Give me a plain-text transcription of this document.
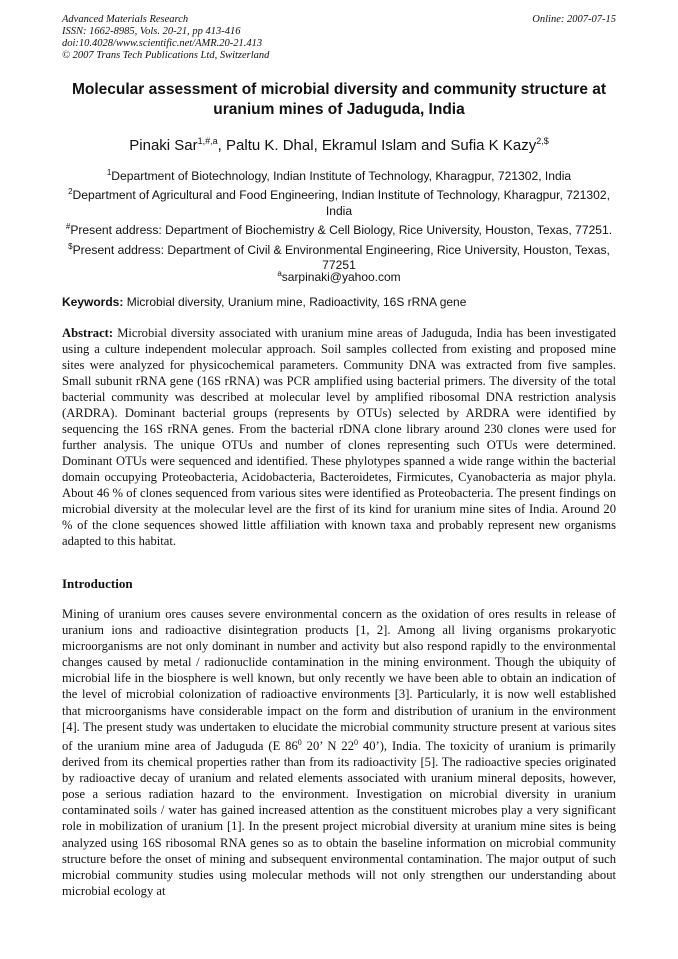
Advanced Materials Research
ISSN: 1662-8985, Vols. 20-21, pp 413-416
doi:10.4028/www.scientific.net/AMR.20-21.413
© 2007 Trans Tech Publications Ltd, Switzerland
Online: 2007-07-15
Molecular assessment of microbial diversity and community structure at uranium mines of Jaduguda, India
Pinaki Sar$^{1,\#,a}$, Paltu K. Dhal, Ekramul Islam and Sufia K Kazy$^{2,\$}$
$^1$Department of Biotechnology, Indian Institute of Technology, Kharagpur, 721302, India
$^2$Department of Agricultural and Food Engineering, Indian Institute of Technology, Kharagpur, 721302, India
#Present address: Department of Biochemistry & Cell Biology, Rice University, Houston, Texas, 77251. $Present address: Department of Civil & Environmental Engineering, Rice University, Houston, Texas, 77251
$^a$sarpinaki@yahoo.com
Keywords: Microbial diversity, Uranium mine, Radioactivity, 16S rRNA gene

Abstract: Microbial diversity associated with uranium mine areas of Jaduguda, India has been investigated using a culture independent molecular approach. Soil samples collected from existing and proposed mine sites were analyzed for physicochemical parameters. Community DNA was extracted from five samples. Small subunit rRNA gene (16S rRNA) was PCR amplified using bacterial primers. The diversity of the total bacterial community was described at molecular level by amplified ribosomal DNA restriction analysis (ARDRA). Dominant bacterial groups (represents by OTUs) selected by ARDRA were identified by sequencing the 16S rRNA genes. From the bacterial rDNA clone library around 230 clones were used for further analysis. The unique OTUs and number of clones representing such OTUs were determined. Dominant OTUs were sequenced and identified. These phylotypes spanned a wide range within the bacterial domain occupying Proteobacteria, Acidobacteria, Bacteroidetes, Firmicutes, Cyanobacteria as major phyla. About 46 % of clones sequenced from various sites were identified as Proteobacteria. The present findings on microbial diversity at the molecular level are the first of its kind for uranium mine sites of India. Around 20 % of the clone sequences showed little affiliation with known taxa and probably represent new organisms adapted to this habitat.

Introduction

Mining of uranium ores causes severe environmental concern as the oxidation of ores results in release of uranium ions and radioactive disintegration products [1, 2]. Among all living organisms prokaryotic microorganisms are not only dominant in number and activity but also respond rapidly to the environmental changes caused by metal / radionuclide contamination in the mining environment. Though the ubiquity of microbial life in the biosphere is well known, but only recently we have been able to obtain an indication of the level of microbial colonization of radioactive environments [3]. Particularly, it is now well established that microorganisms have considerable impact on the form and distribution of uranium in the environment [4]. The present study was undertaken to elucidate the microbial community structure present at various sites of the uranium mine area of Jaduguda (E $86^0$ 20’ N $22^0$ 40’), India. The toxicity of uranium is primarily derived from its chemical properties rather than from its radioactivity [5]. The radioactive species originated by radioactive decay of uranium and related elements associated with uranium mineral deposits, however, pose a serious radiation hazard to the environment. Investigation on microbial diversity in uranium contaminated soils / water has gained increased attention as the constituent microbes play a very significant role in mobilization of uranium [1]. In the present project microbial diversity at uranium mine sites is being analyzed using 16S ribosomal RNA genes so as to obtain the baseline information on microbial community structure before the onset of mining and subsequent environmental contamination. The major output of such microbial community studies using molecular methods will not only strengthen our understanding about microbial ecology at
